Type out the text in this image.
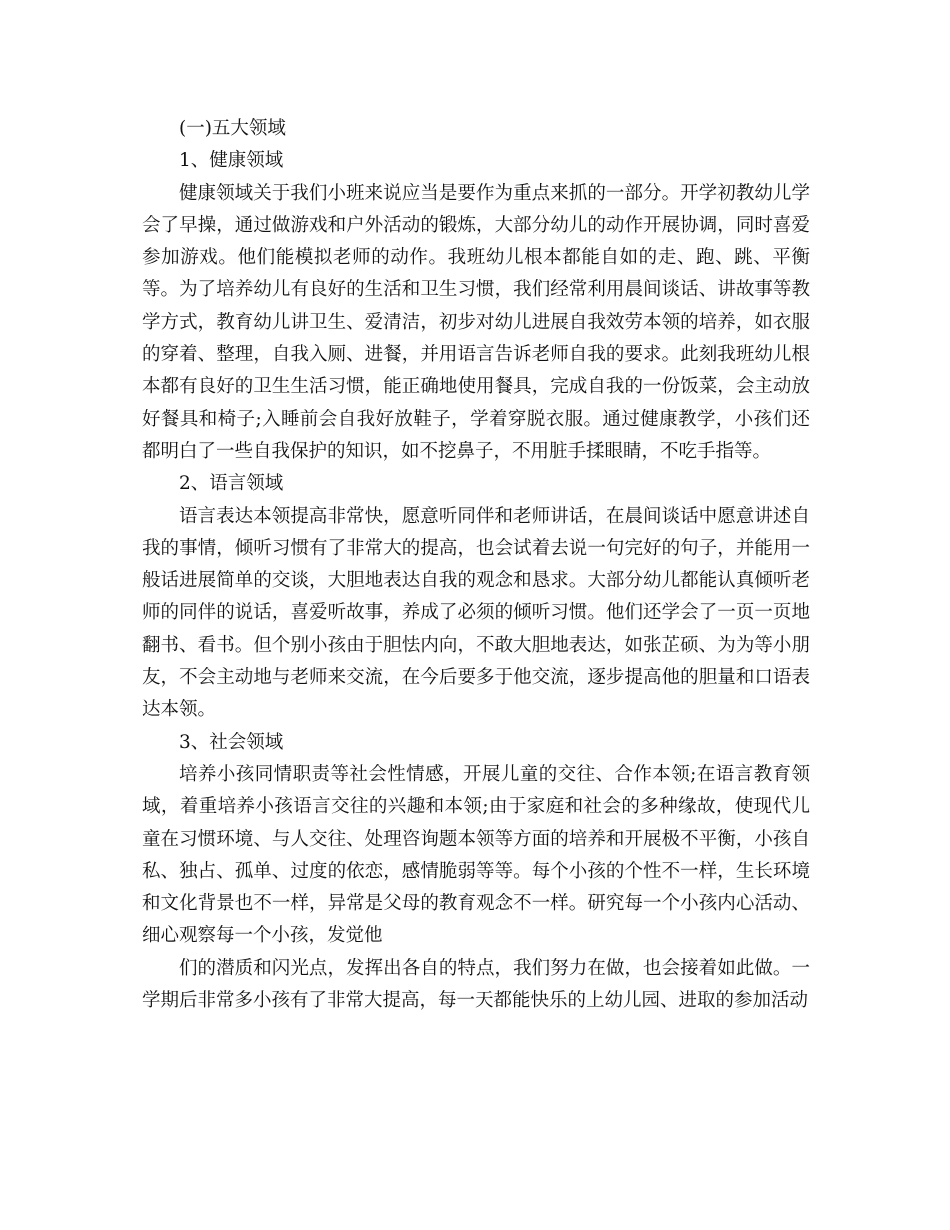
(一)五大领域

1、健康领域

健康领域关于我们小班来说应当是要作为重点来抓的一部分。开学初教幼儿学会了早操，通过做游戏和户外活动的锻炼，大部分幼儿的动作开展协调，同时喜爱参加游戏。他们能模拟老师的动作。我班幼儿根本都能自如的走、跑、跳、平衡等。为了培养幼儿有良好的生活和卫生习惯，我们经常利用晨间谈话、讲故事等教学方式，教育幼儿讲卫生、爱清洁，初步对幼儿进展自我效劳本领的培养，如衣服的穿着、整理，自我入厕、进餐，并用语言告诉老师自我的要求。此刻我班幼儿根本都有良好的卫生生活习惯，能正确地使用餐具，完成自我的一份饭菜，会主动放好餐具和椅子;入睡前会自我好放鞋子，学着穿脱衣服。通过健康教学，小孩们还都明白了一些自我保护的知识，如不挖鼻子，不用脏手揉眼睛，不吃手指等。

2、语言领域

语言表达本领提高非常快，愿意听同伴和老师讲话，在晨间谈话中愿意讲述自我的事情，倾听习惯有了非常大的提高，也会试着去说一句完好的句子，并能用一般话进展简单的交谈，大胆地表达自我的观念和恳求。大部分幼儿都能认真倾听老师的同伴的说话，喜爱听故事，养成了必须的倾听习惯。他们还学会了一页一页地翻书、看书。但个别小孩由于胆怯内向，不敢大胆地表达，如张芷硕、为为等小朋友，不会主动地与老师来交流，在今后要多于他交流，逐步提高他的胆量和口语表达本领。

3、社会领域

培养小孩同情职责等社会性情感，开展儿童的交往、合作本领;在语言教育领域，着重培养小孩语言交往的兴趣和本领;由于家庭和社会的多种缘故，使现代儿童在习惯环境、与人交往、处理咨询题本领等方面的培养和开展极不平衡，小孩自私、独占、孤单、过度的依恋，感情脆弱等等。每个小孩的个性不一样，生长环境和文化背景也不一样，异常是父母的教育观念不一样。研究每一个小孩内心活动、细心观察每一个小孩，发觉他

们的潜质和闪光点，发挥出各自的特点，我们努力在做，也会接着如此做。一学期后非常多小孩有了非常大提高，每一天都能快乐的上幼儿园、进取的参加活动
